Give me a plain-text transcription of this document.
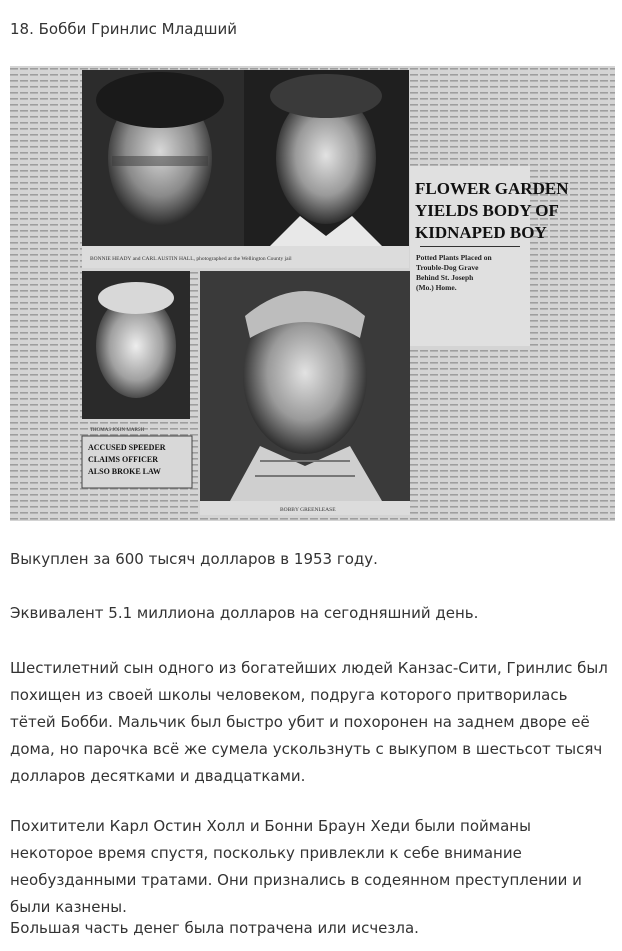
18. Бобби Гринлис Младший
BONNIE HEADY and CARL AUSTIN HALL, photographed at the Wellington County jail
FLOWER GARDEN
YIELDS BODY OF
KIDNAPED BOY
Potted Plants Placed on
Trouble-Dog Grave
Behind St. Joseph
(Mo.) Home.
THOMAS JOHN MARSH
ACCUSED SPEEDER
CLAIMS OFFICER
ALSO BROKE LAW
BOBBY GREENLEASE

Выкуплен за 600 тысяч долларов в 1953 году.

Эквивалент 5.1 миллиона долларов на сегодняшний день.

Шестилетний сын одного из богатейших людей Канзас-Сити, Гринлис был похищен из своей школы человеком, подруга которого притворилась тётей Бобби. Мальчик был быстро убит и похоронен на заднем дворе её дома, но парочка всё же сумела ускользнуть с выкупом в шестьсот тысяч долларов десятками и двадцатками.

Похитители Карл Остин Холл и Бонни Браун Хеди были пойманы некоторое время спустя, поскольку привлекли к себе внимание необузданными тратами. Они признались в содеянном преступлении и были казнены.

Большая часть денег была потрачена или исчезла.
